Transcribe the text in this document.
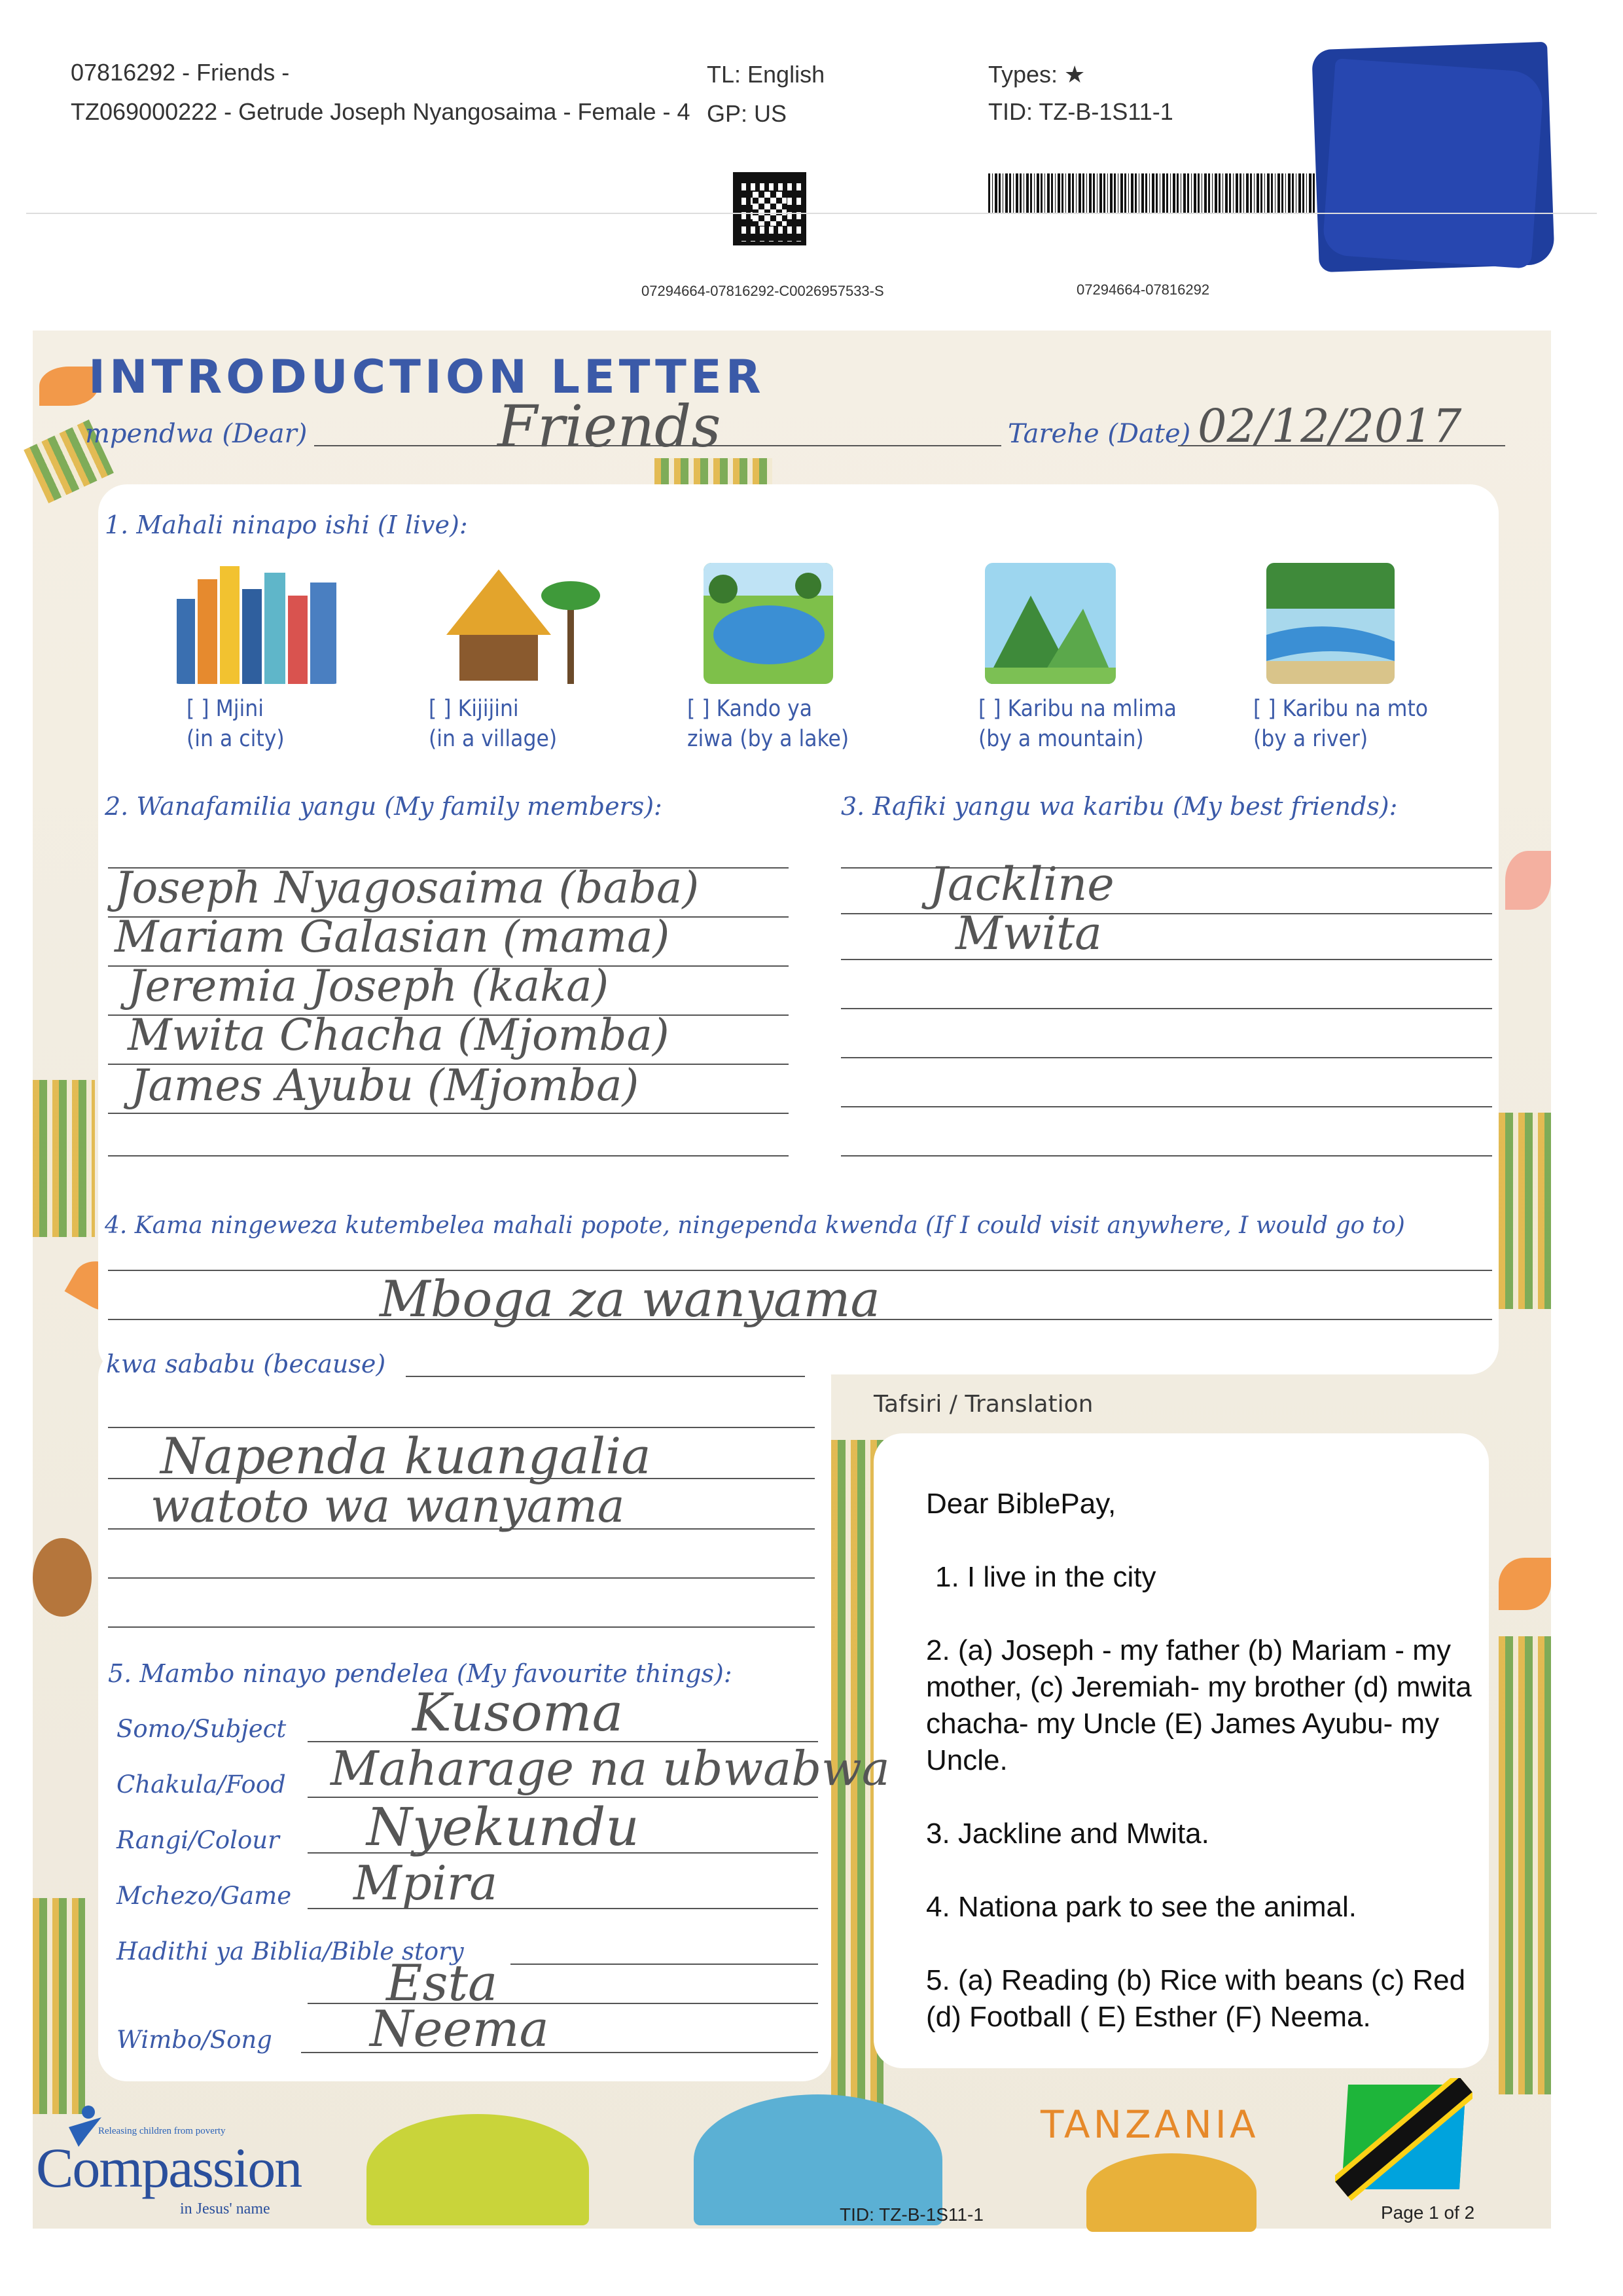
07816292 - Friends -
TZ069000222 - Getrude Joseph Nyangosaima - Female - 4
TL: English
GP: US
Types: ★
TID: TZ-B-1S11-1
07294664-07816292-C0026957533-S	07294664-07816292
INTRODUCTION LETTER
mpendwa (Dear)	Friends	Tarehe (Date) 02/12/2017
1. Mahali ninapo ishi (I live):
[ ] Mjini
(in a city)
[ ] Kijijini
(in a village)
[ ] Kando ya
ziwa (by a lake)
[ ] Karibu na mlima
(by a mountain)
[ ] Karibu na mto
(by a river)
2. Wanafamilia yangu (My family members):	3. Rafiki yangu wa karibu (My best friends):
Joseph Nyagosaima (baba)
Mariam Galasian (mama)
Jeremia Joseph (kaka)
Mwita Chacha (Mjomba)
James Ayubu (Mjomba)
Jackline
Mwita
4. Kama ningeweza kutembelea mahali popote, ningependa kwenda (If I could visit anywhere, I would go to)
Mboga za wanyama
kwa sababu (because)
Napenda kuangalia
watoto wa wanyama
5. Mambo ninayo pendelea (My favourite things):
Somo/Subject Kusoma
Chakula/Food Maharage na ubwabwa
Rangi/Colour Nyekundu
Mchezo/Game Mpira
Hadithi ya Biblia/Bible story
Esta
Wimbo/Song Neema
Tafsiri / Translation
Dear BiblePay,
1. I live in the city
2. (a) Joseph - my father (b) Mariam - my mother, (c) Jeremiah- my brother (d) mwita chacha- my Uncle (E) James Ayubu- my Uncle.
3. Jackline and Mwita.
4. Nationa park to see the animal.
5. (a) Reading (b) Rice with beans (c) Red (d) Football ( E) Esther (F) Neema.
Releasing children from poverty
Compassion
in Jesus' name
TANZANIA
TID: TZ-B-1S11-1	Page 1 of 2
